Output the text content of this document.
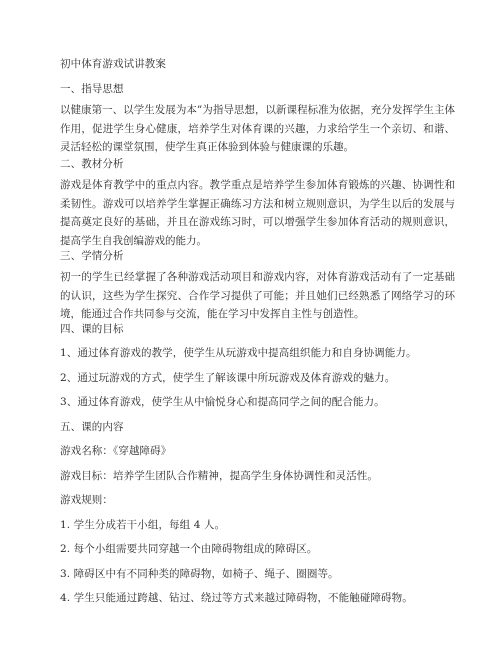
初中体育游戏试讲教案
一、指导思想
以健康第一、以学生发展为本”为指导思想，以新课程标准为依据，充分发挥学生主体作用，促进学生身心健康，培养学生对体育课的兴趣，力求给学生一个亲切、和谐、灵活轻松的课堂氛围，使学生真正体验到体验与健康课的乐趣。
二、教材分析
游戏是体育教学中的重点内容。教学重点是培养学生参加体育锻炼的兴趣、协调性和柔韧性。游戏可以培养学生掌握正确练习方法和树立规则意识，为学生以后的发展与提高奠定良好的基础，并且在游戏练习时，可以增强学生参加体育活动的规则意识，提高学生自我创编游戏的能力。
三、学情分析
初一的学生已经掌握了各种游戏活动项目和游戏内容，对体育游戏活动有了一定基础的认识，这些为学生探究、合作学习提供了可能；并且她们已经熟悉了网络学习的环境，能通过合作共同参与交流，能在学习中发挥自主性与创造性。
四、课的目标
1、通过体育游戏的教学，使学生从玩游戏中提高组织能力和自身协调能力。
2、通过玩游戏的方式，使学生了解该课中所玩游戏及体育游戏的魅力。
3、通过体育游戏，使学生从中愉悦身心和提高同学之间的配合能力。
五、课的内容
游戏名称：《穿越障碍》
游戏目标：培养学生团队合作精神，提高学生身体协调性和灵活性。
游戏规则：
1. 学生分成若干小组，每组 4 人。
2. 每个小组需要共同穿越一个由障碍物组成的障碍区。
3. 障碍区中有不同种类的障碍物，如椅子、绳子、圈圈等。
4. 学生只能通过跨越、钻过、绕过等方式来越过障碍物，不能触碰障碍物。
